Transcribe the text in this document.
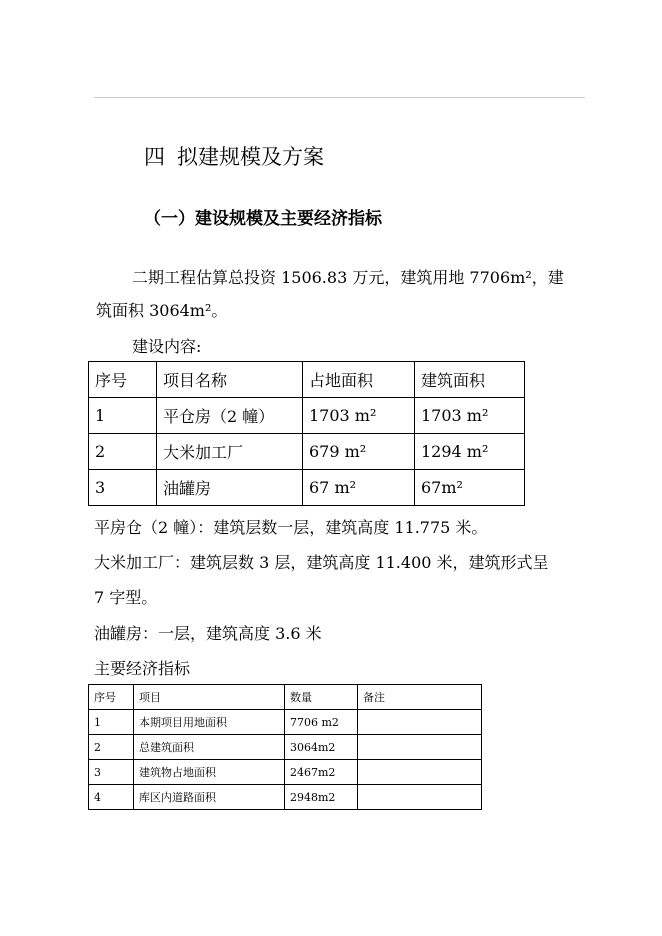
四 拟建规模及方案
（一）建设规模及主要经济指标
二期工程估算总投资 1506.83 万元，建筑用地 7706m²，建
筑面积 3064m²。
建设内容:
序号	项目名称	占地面积	建筑面积
1	平仓房（2 幢）	1703 m²	1703 m²
2	大米加工厂	679 m²	1294 m²
3	油罐房	67 m²	67m²
平房仓（2 幢）：建筑层数一层，建筑高度 11.775 米。
大米加工厂：建筑层数 3 层，建筑高度 11.400 米，建筑形式呈
7 字型。
油罐房：一层，建筑高度 3.6 米
主要经济指标
序号	项目	数量	备注
1	本期项目用地面积	7706 m2	
2	总建筑面积	3064m2	
3	建筑物占地面积	2467m2	
4	库区内道路面积	2948m2	
